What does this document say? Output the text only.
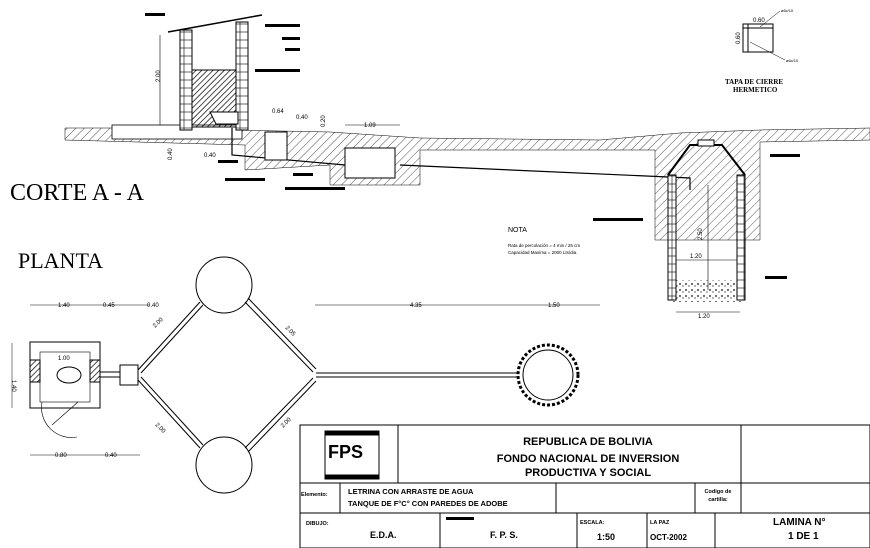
CORTE A - A
2.00
0.64
0.40 0.20	1.09
0.40	0.40
2.50
1.20
1.20
NOTA
Rata de percolación = 4 min / 25 cm
Capacidad Maxima = 2000 Lts/dia.
0.60
0.60
ø6c/10
ø6c/10
TAPA DE CIERRE
HERMETICO
PLANTA
1.40	0.45	0.40	4.35	1.50
1.40
1.00
2.00
2.05
2.00	2.00
0.80	0.40	FPS	REPUBLICA DE BOLIVIA
FONDO NACIONAL DE INVERSION
PRODUCTIVA Y SOCIAL
Elemento:	LETRINA CON ARRASTE DE AGUA
TANQUE DE F°C° CON PAREDES DE ADOBE
Codigo de
cartilla:
DIBUJO:
E.D.A.	F. P. S.
ESCALA:
1:50
LA PAZ
OCT-2002
LAMINA N°
1 DE 1
